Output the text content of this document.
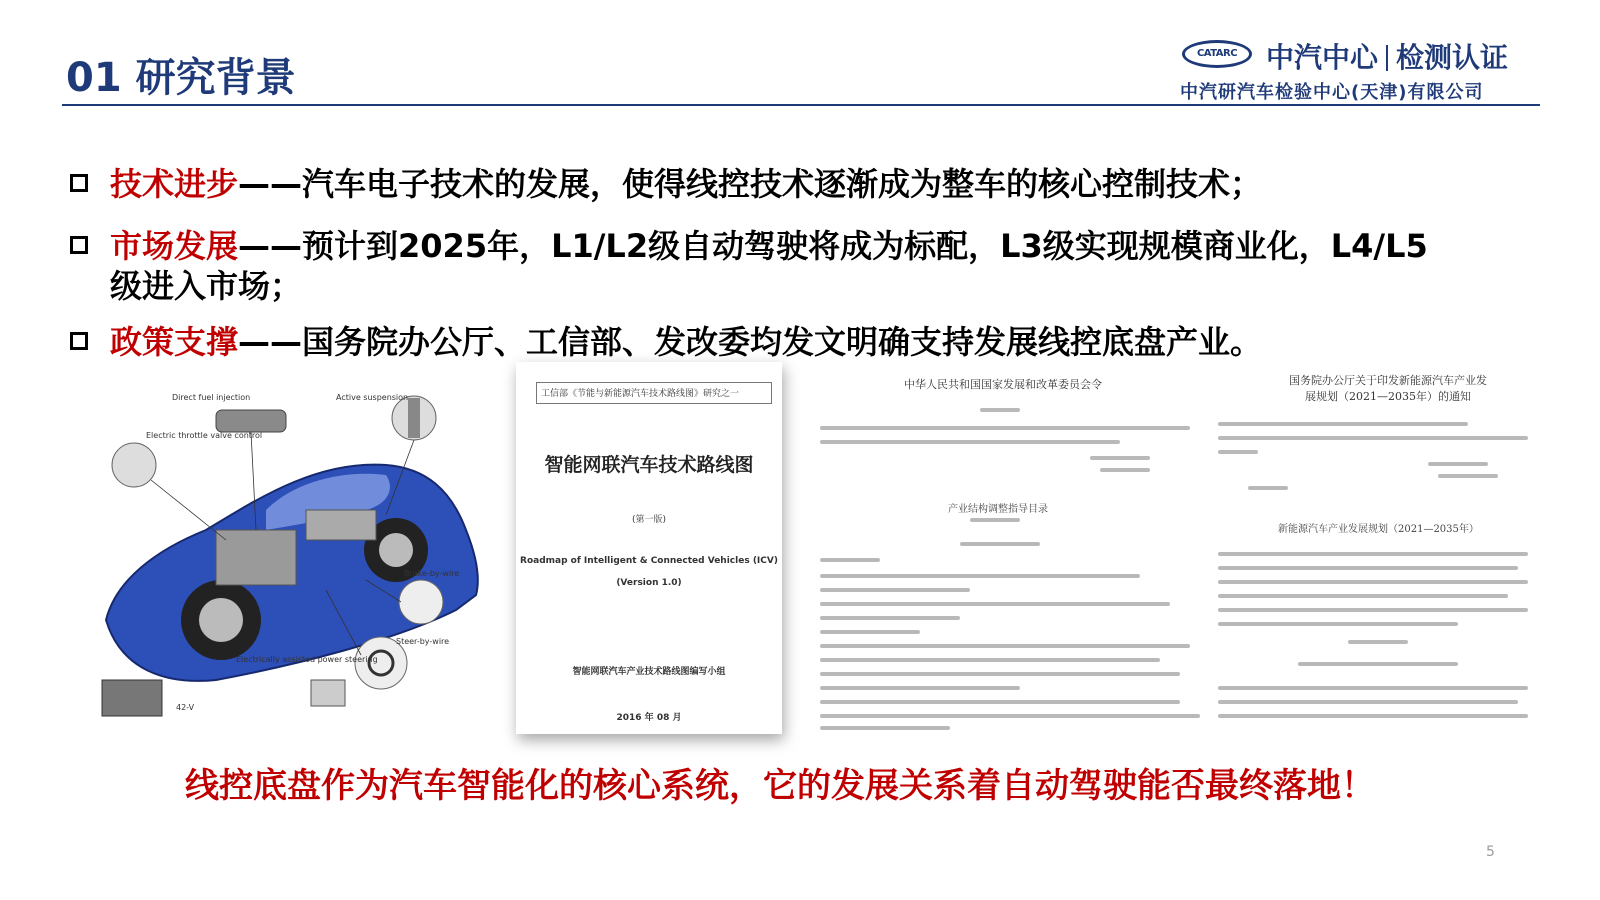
01 研究背景
CATARC	中汽中心 检测认证
中汽研汽车检验中心(天津)有限公司
技术进步——汽车电子技术的发展，使得线控技术逐渐成为整车的核心控制技术；
市场发展——预计到2025年，L1/L2级自动驾驶将成为标配，L3级实现规模商业化，L4/L5级进入市场；
政策支撑——国务院办公厅、工信部、发改委均发文明确支持发展线控底盘产业。
Direct fuel injection	Active suspension
Electric throttle valve control
Brake-by-wire
Steer-by-wire
Electrically assisted power steering
42-V
工信部《节能与新能源汽车技术路线图》研究之一
智能网联汽车技术路线图
(第一版)
Roadmap of Intelligent & Connected Vehicles (ICV)
(Version 1.0)
智能网联汽车产业技术路线图编写小组
2016 年 08 月
中华人民共和国国家发展和改革委员会令
产业结构调整指导目录
国务院办公厅关于印发新能源汽车产业发展规划（2021—2035年）的通知
新能源汽车产业发展规划（2021—2035年）
线控底盘作为汽车智能化的核心系统，它的发展关系着自动驾驶能否最终落地！
5
